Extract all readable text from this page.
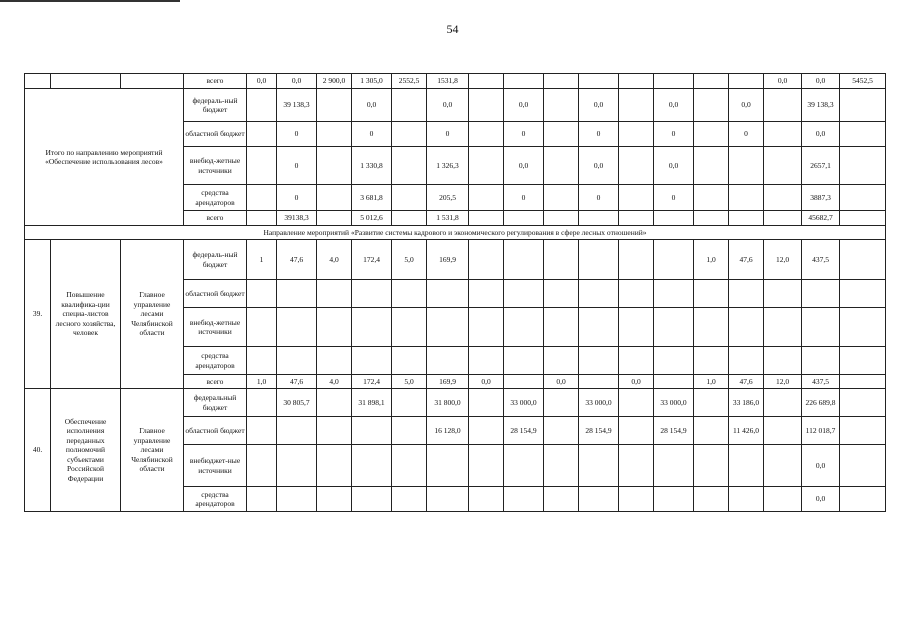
54
			всего	0,0	0,0	2 900,0	1 305,0	2552,5	1531,8									0,0	0,0	5452,5
Итого по направлению мероприятий «Обеспечение использования лесов»			федераль-ный бюджет		39 138,3		0,0		0,0		0,0		0,0		0,0		0,0		39 138,3	
			областной бюджет		0		0		0		0		0		0		0		0,0	
			внебюд-жетные источники		0		1 330,8		1 326,3		0,0		0,0		0,0				2657,1	
			средства арендаторов		0		3 681,8		205,5		0		0		0				3887,3	
			всего		39138,3		5 012,6		1 531,8										45682,7	
Направление мероприятий «Развитие системы кадрового и экономического регулирования в сфере лесных отношений»																				
39.	Повышение квалифика-ции специа-листов лесного хозяйства, человек	Главное управление лесами Челябинской области	федераль-ный бюджет	1	47,6	4,0	172,4	5,0	169,9							1,0	47,6	12,0	437,5	
			областной бюджет																	
			внебюд-жетные источники																	
			средства арендаторов																	
			всего	1,0	47,6	4,0	172,4	5,0	169,9	0,0		0,0		0,0		1,0	47,6	12,0	437,5	
40.	Обеспечение исполнения переданных полномочий субъектами Российской Федерации	Главное управление лесами Челябинской области	федеральный бюджет		30 805,7		31 898,1		31 800,0		33 000,0		33 000,0		33 000,0		33 186,0		226 689,8	
			областной бюджет						16 128,0		28 154,9		28 154,9		28 154,9		11 426,0		112 018,7	
			внебюджет-ные источники																0,0	
			средства арендаторов																0,0	
